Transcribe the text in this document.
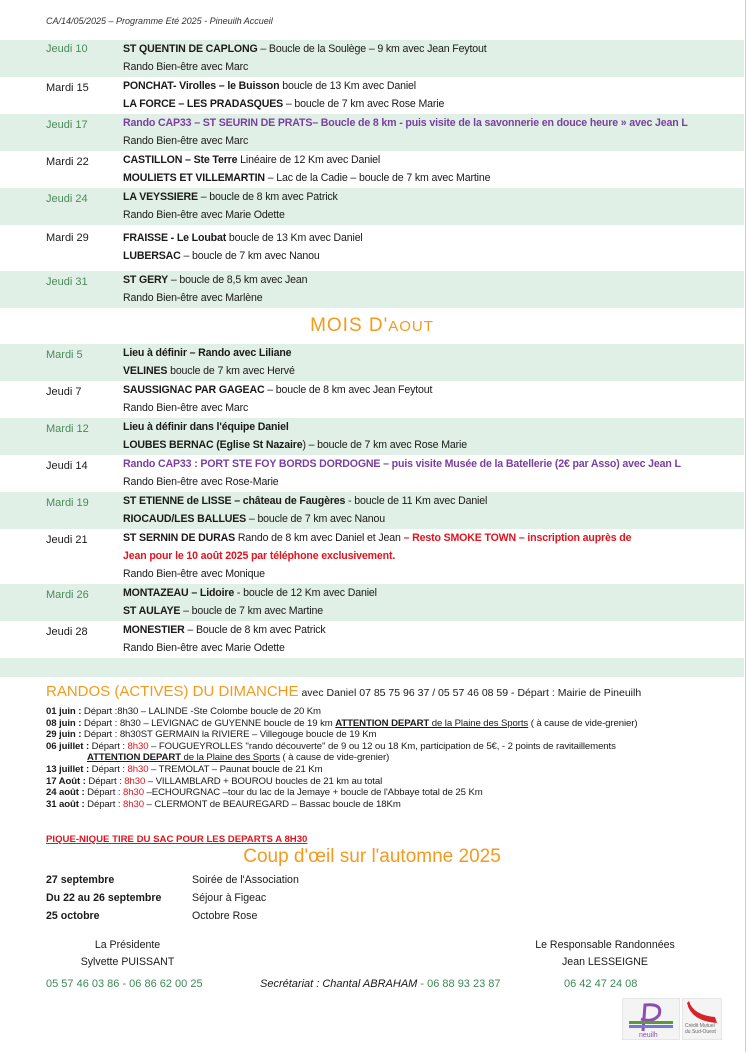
CA/14/05/2025 – Programme Eté 2025 - Pineuilh Accueil
Jeudi 10	ST QUENTIN DE CAPLONG – Boucle de la Soulège – 9 km avec Jean Feytout
Rando Bien-être avec Marc
Mardi 15	PONCHAT- Virolles – le Buisson boucle de 13 Km avec Daniel
LA FORCE – LES PRADASQUES – boucle de 7 km avec Rose Marie
Jeudi 17	Rando CAP33 – ST SEURIN DE PRATS– Boucle de 8 km - puis visite de la savonnerie en douce heure » avec Jean L
Rando Bien-être avec Marc
Mardi 22	CASTILLON – Ste Terre Linéaire de 12 Km avec Daniel
MOULIETS ET VILLEMARTIN – Lac de la Cadie – boucle de 7 km avec Martine
Jeudi 24	LA VEYSSIERE – boucle de 8 km avec Patrick
Rando Bien-être avec Marie Odette
Mardi 29	FRAISSE - Le Loubat boucle de 13 Km avec Daniel
LUBERSAC – boucle de 7 km avec Nanou
Jeudi 31	ST GERY – boucle de 8,5 km avec Jean
Rando Bien-être avec Marlène
MOIS D'AOUT
Mardi 5	Lieu à définir – Rando avec Liliane
VELINES boucle de 7 km avec Hervé
Jeudi 7	SAUSSIGNAC PAR GAGEAC – boucle de 8 km avec Jean Feytout
Rando Bien-être avec Marc
Mardi 12	Lieu à définir dans l'équipe Daniel
LOUBES BERNAC (Eglise St Nazaire) – boucle de 7 km avec Rose Marie
Jeudi 14	Rando CAP33 : PORT STE FOY BORDS DORDOGNE – puis visite Musée de la Batellerie (2€ par Asso) avec Jean L
Rando Bien-être avec Rose-Marie
Mardi 19	ST ETIENNE de LISSE – château de Faugères - boucle de 11 Km avec Daniel
RIOCAUD/LES BALLUES – boucle de 7 km avec Nanou
Jeudi 21	ST SERNIN DE DURAS Rando de 8 km avec Daniel et Jean – Resto SMOKE TOWN – inscription auprès de
Jean pour le 10 août 2025 par téléphone exclusivement.
Rando Bien-être avec Monique
Mardi 26	MONTAZEAU – Lidoire - boucle de 12 Km avec Daniel
ST AULAYE – boucle de 7 km avec Martine
Jeudi 28	MONESTIER – Boucle de 8 km avec Patrick
Rando Bien-être avec Marie Odette
RANDOS (ACTIVES) DU DIMANCHE avec Daniel 07 85 75 96 37 / 05 57 46 08 59 - Départ : Mairie de Pineuilh
01 juin : Départ :8h30 – LALINDE -Ste Colombe boucle de 20 Km
08 juin : Départ : 8h30 – LEVIGNAC de GUYENNE boucle de 19 km ATTENTION DEPART de la Plaine des Sports ( à cause de vide-grenier)
29 juin : Départ : 8h30ST GERMAIN la RIVIERE – Villegouge boucle de 19 Km
06 juillet : Départ : 8h30 – FOUGUEYROLLES ''rando découverte'' de 9 ou 12 ou 18 Km, participation de 5€, - 2 points de ravitaillements
ATTENTION DEPART de la Plaine des Sports ( à cause de vide-grenier)
13 juillet : Départ : 8h30 – TREMOLAT – Paunat boucle de 21 Km
17 Août : Départ : 8h30 – VILLAMBLARD + BOUROU boucles de 21 km au total
24 août : Départ : 8h30 –ECHOURGNAC –tour du lac de la Jemaye + boucle de l'Abbaye total de 25 Km
31 août : Départ : 8h30 – CLERMONT de BEAUREGARD – Bassac boucle de 18Km
PIQUE-NIQUE TIRE DU SAC POUR LES DEPARTS A 8H30
Coup d'œil sur l'automne 2025
27 septembre	Soirée de l'Association
Du 22 au 26 septembre	Séjour à Figeac
25 octobre	Octobre Rose
La Présidente
Sylvette PUISSANT
Le Responsable Randonnées
Jean LESSEIGNE
05 57 46 03 86 - 06 86 62 00 25	Secrétariat : Chantal ABRAHAM - 06 88 93 23 87	06 42 47 24 08
neuilh
Crédit Mutuel du Sud-Ouest
